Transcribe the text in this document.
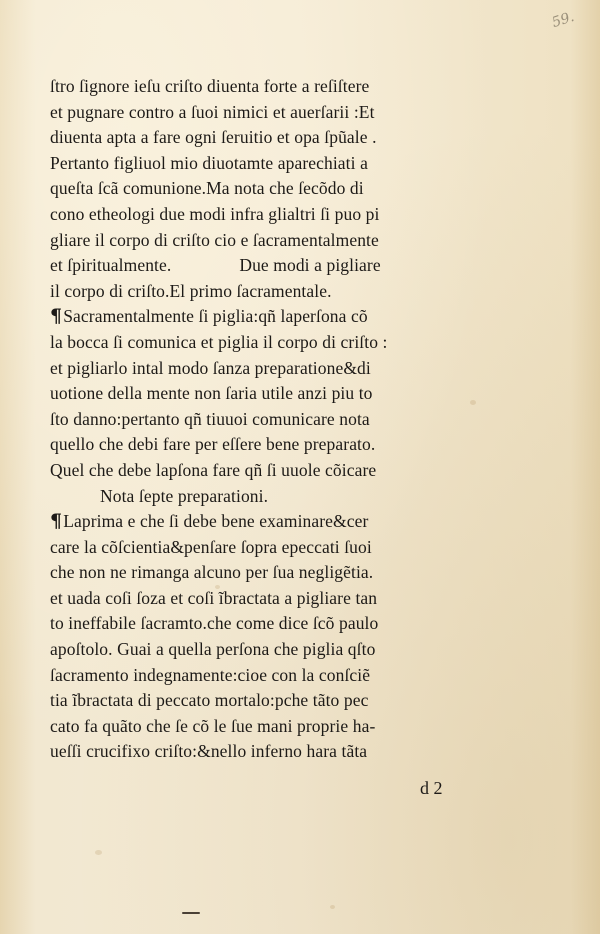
59.
ſtro ſignore ieſu criſto diuenta forte a reſiſtere
et pugnare contro a ſuoi nimici et auerſarii :Et
diuenta apta a fare ogni ſeruitio et opa ſpũale .
Pertanto figliuol mio diuotamte aparechiati a
queſta ſcã comunione.Ma nota che ſecõdo di
cono etheologi due modi infra glialtri ſi puo pi
gliare il corpo di criſto cio e ſacramentalmente
et ſpiritualmente.	Due modi a pigliare
il corpo di criſto.El primo ſacramentale.
¶Sacramentalmente ſi piglia:qñ laperſona cõ
la bocca ſi comunica et piglia il corpo di criſto :
et pigliarlo intal modo ſanza preparatione&di
uotione della mente non ſaria utile anzi piu to
ſto danno:pertanto qñ tiuuoi comunicare nota
quello che debi fare per eſſere bene preparato.
Quel che debe lapſona fare qñ ſi uuole cõicare
Nota ſepte preparationi.
¶Laprima e che ſi debe bene examinare&cer
care la cõſcientia&penſare ſopra epeccati ſuoi
che non ne rimanga alcuno per ſua negligẽtia.
et uada coſi ſoza et coſi ĩbractata a pigliare tan
to ineffabile ſacramto.che come dice ſcõ paulo
apoſtolo. Guai a quella perſona che piglia qſto
ſacramento indegnamente:cioe con la conſciẽ
tia ĩbractata di peccato mortalo:pche tãto pec
cato fa quãto che ſe cõ le ſue mani proprie ha-
ueſſi crucifixo criſto:&nello inferno hara tãta
d 2
